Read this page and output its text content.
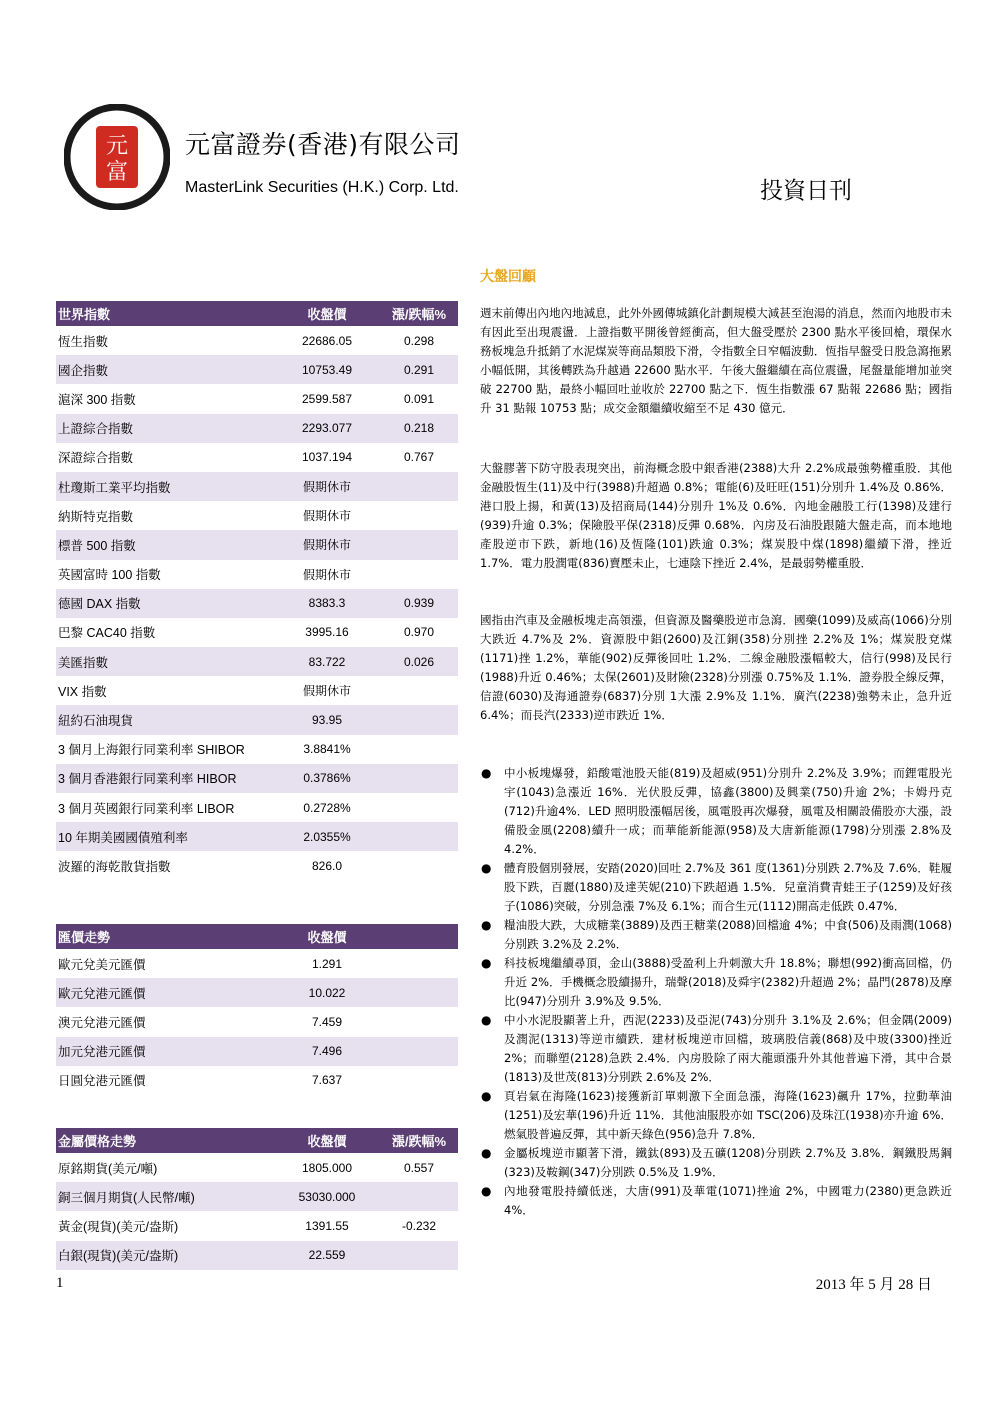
元
富
元富證券(香港)有限公司
MasterLink Securities (H.K.) Corp. Ltd.	投資日刊
大盤回顧
世界指數	收盤價	漲/跌幅%
恆生指數	22686.05	0.298
國企指數	10753.49	0.291
滬深 300 指數	2599.587	0.091
上證綜合指數	2293.077	0.218
深證綜合指數	1037.194	0.767
杜瓊斯工業平均指數	假期休市	
納斯特克指數	假期休市	
標普 500 指數	假期休市	
英國富時 100 指數	假期休市	
德國 DAX 指數	8383.3	0.939
巴黎 CAC40 指數	3995.16	0.970
美匯指數	83.722	0.026
VIX 指數	假期休市	
紐約石油現貨	93.95	
3 個月上海銀行同業利率 SHIBOR	3.8841%	
3 個月香港銀行同業利率 HIBOR	0.3786%	
3 個月英國銀行同業利率 LIBOR	0.2728%	
10 年期美國國債殖利率	2.0355%	
波羅的海乾散貨指數	826.0	
匯價走勢	收盤價	
歐元兌美元匯價	1.291	
歐元兌港元匯價	10.022	
澳元兌港元匯價	7.459	
加元兌港元匯價	7.496	
日圓兌港元匯價	7.637	
金屬價格走勢	收盤價	漲/跌幅%
原銘期貨(美元/噸)	1805.000	0.557
銅三個月期貨(人民幣/噸)	53030.000	
黃金(現貨)(美元/盎斯)	1391.55	-0.232
白銀(現貨)(美元/盎斯)	22.559	

週末前傳出內地內地減息，此外外國傳城鎮化計劃規模大減甚至泡湯的消息，然而內地股市未有因此至出現震盪．上證指數平開後曾經衝高，但大盤受壓於 2300 點水平後回槍，環保水務板塊急升抵銷了水泥煤炭等商品類股下滑，令指數全日窄幅波動．恆指早盤受日股急瀉拖累小幅低開，其後轉跌為升越過 22600 點水平．午後大盤繼續在高位震盪，尾盤量能增加並突破 22700 點，最終小幅回吐並收於 22700 點之下．恆生指數漲 67 點報 22686 點；國指升 31 點報 10753 點；成交金額繼續收縮至不足 430 億元．

大盤膠著下防守股表現突出，前海概念股中銀香港(2388)大升 2.2%成最強勢權重股．其他金融股恆生(11)及中行(3988)升超過 0.8%；電能(6)及旺旺(151)分別升 1.4%及 0.86%．港口股上揚，和黃(13)及招商局(144)分別升 1%及 0.6%．內地金融股工行(1398)及建行(939)升逾 0.3%；保險股平保(2318)反彈 0.68%．內房及石油股跟隨大盤走高，而本地地產股逆市下跌，新地(16)及恆隆(101)跌逾 0.3%；煤炭股中煤(1898)繼續下滑，挫近1.7%．電力股潤電(836)賣壓未止，七連陰下挫近 2.4%，是最弱勢權重股．

國指由汽車及金融板塊走高領漲，但資源及醫藥股逆市急瀉．國藥(1099)及威高(1066)分別大跌近 4.7%及 2%．資源股中鋁(2600)及江銅(358)分別挫 2.2%及 1%；煤炭股兗煤(1171)挫 1.2%，華能(902)反彈後回吐 1.2%．二線金融股漲幅較大，信行(998)及民行(1988)升近 0.46%；太保(2601)及財險(2328)分別漲 0.75%及 1.1%．證券股全線反彈，信證(6030)及海通證券(6837)分別 1大漲 2.9%及 1.1%．廣汽(2238)強勢未止，急升近 6.4%；而長汽(2333)逆市跌近 1%．

● 中小板塊爆發，鉛酸電池股天能(819)及超威(951)分別升 2.2%及 3.9%；而鋰電股光宇(1043)急漲近 16%．光伏股反彈，協鑫(3800)及興業(750)升逾 2%；卡姆丹克(712)升逾4%．LED 照明股漲幅居後，風電股再次爆發，風電及相關設備股亦大漲，設備股金風(2208)續升一成；而華能新能源(958)及大唐新能源(1798)分別漲 2.8%及 4.2%．
● 體育股個別發展，安踏(2020)回吐 2.7%及 361 度(1361)分別跌 2.7%及 7.6%．鞋履股下跌，百麗(1880)及達芙妮(210)下跌超過 1.5%．兒童消費青蛙王子(1259)及好孩子(1086)突破，分別急漲 7%及 6.1%；而合生元(1112)開高走低跌 0.47%．
● 糧油股大跌，大成糖業(3889)及西王糖業(2088)回檔逾 4%；中食(506)及雨潤(1068)分別跌 3.2%及 2.2%．
● 科技板塊繼續尋頂，金山(3888)受盈利上升刺激大升 18.8%；聯想(992)衝高回檔，仍升近 2%．手機概念股續揚升，瑞聲(2018)及舜宇(2382)升超過 2%；晶門(2878)及摩比(947)分別升 3.9%及 9.5%．
● 中小水泥股顯著上升，西泥(2233)及亞泥(743)分別升 3.1%及 2.6%；但金隅(2009)及潤泥(1313)等逆市續跌．建材板塊逆市回檔，玻璃股信義(868)及中玻(3300)挫近 2%；而聯塑(2128)急跌 2.4%．內房股除了兩大龍頭漲升外其他普遍下滑，其中合景(1813)及世茂(813)分別跌 2.6%及 2%．
● 頁岩氣在海隆(1623)接獲新訂單刺激下全面急漲，海隆(1623)飆升 17%，拉動華油(1251)及宏華(196)升近 11%．其他油服股亦如 TSC(206)及珠江(1938)亦升逾 6%．燃氣股普遍反彈，其中新天綠色(956)急升 7.8%．
● 金屬板塊逆市顯著下滑，鐵鈦(893)及五礦(1208)分別跌 2.7%及 3.8%．鋼鐵股馬鋼(323)及鞍鋼(347)分別跌 0.5%及 1.9%．
● 內地發電股持續低迷，大唐(991)及華電(1071)挫逾 2%，中國電力(2380)更急跌近 4%．
1	2013 年 5 月 28 日
